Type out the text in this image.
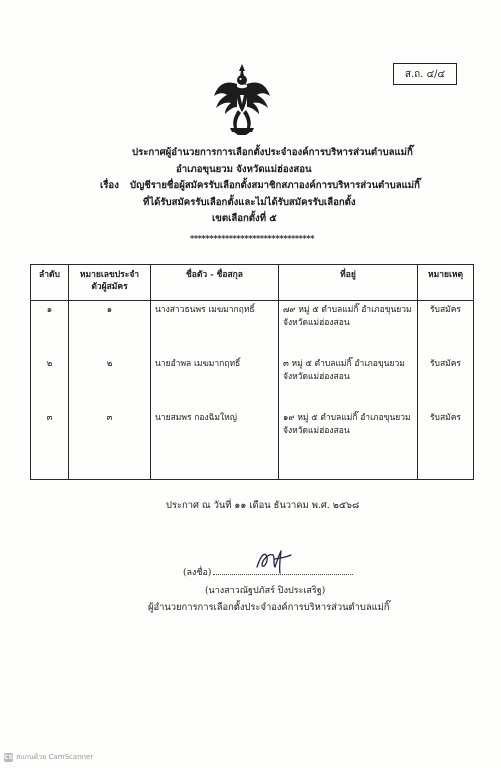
ส.ถ. ๔/๔
ประกาศผู้อำนวยการการเลือกตั้งประจำองค์การบริหารส่วนตำบลแม่กิ๊
อำเภอขุนยวม จังหวัดแม่ฮ่องสอน
เรื่อง บัญชีรายชื่อผู้สมัครรับเลือกตั้งสมาชิกสภาองค์การบริหารส่วนตำบลแม่กิ๊
ที่ได้รับสมัครรับเลือกตั้งและไม่ได้รับสมัครรับเลือกตั้ง
เขตเลือกตั้งที่ ๕
********************************
ลำดับ	หมายเลขประจำตัวผู้สมัคร	ชื่อตัว - ชื่อสกุล	ที่อยู่	หมายเหตุ
๑	๑	นางสาวธนพร เมฆมากฤทธิ์	๗๙ หมู่ ๕ ตำบลแม่กิ๊ อำเภอขุนยวม
จังหวัดแม่ฮ่องสอน	รับสมัคร
๒	๒	นายอำพล เมฆมากฤทธิ์	๓ หมู่ ๕ ตำบลแม่กิ๊ อำเภอขุนยวม
จังหวัดแม่ฮ่องสอน	รับสมัคร
๓	๓	นายสมพร กองฉิมใหญ่	๑๙ หมู่ ๕ ตำบลแม่กิ๊ อำเภอขุนยวม
จังหวัดแม่ฮ่องสอน	รับสมัคร
ประกาศ ณ วันที่ ๑๑ เดือน ธันวาคม พ.ศ. ๒๕๖๘
(ลงชื่อ)
(นางสาวณัฐปภัสร์ ปิงประเสริฐ)
ผู้อำนวยการการเลือกตั้งประจำองค์การบริหารส่วนตำบลแม่กิ๊
CS สแกนด้วย CamScanner
